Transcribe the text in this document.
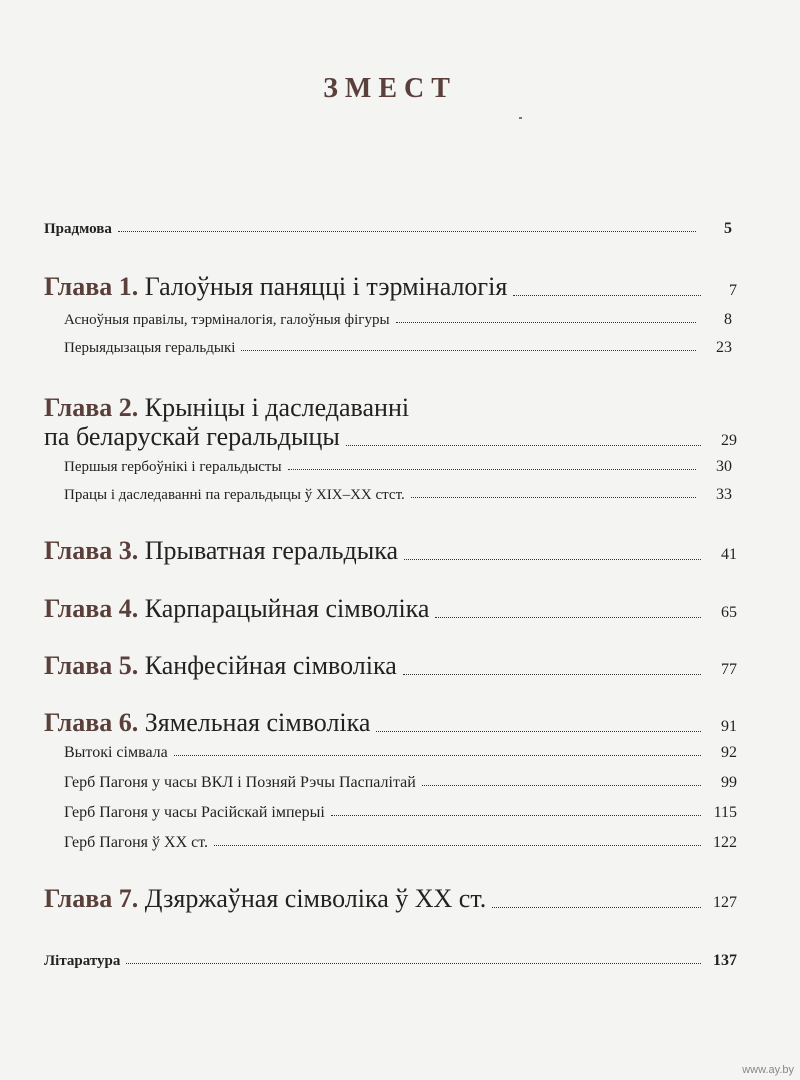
ЗМЕСТ
Прадмова	5
Глава 1. Галоўныя паняцці і тэрміналогія	7
Асноўныя правілы, тэрміналогія, галоўныя фігуры	8
Перыядызацыя геральдыкі	23
Глава 2. Крыніцы і даследаванні
па беларускай геральдыцы	29
Першыя гербоўнікі і геральдысты	30
Працы і даследаванні па геральдыцы ў XIX–XX стст.	33
Глава 3. Прыватная геральдыка	41
Глава 4. Карпарацыйная сімволіка	65
Глава 5. Канфесійная сімволіка	77
Глава 6. Зямельная сімволіка	91
Вытокі сімвала	92
Герб Пагоня у часы ВКЛ і Позняй Рэчы Паспалітай	99
Герб Пагоня у часы Расійскай імперыі	115
Герб Пагоня ў XX ст.	122
Глава 7. Дзяржаўная сімволіка ў XX ст.	127
Літаратура	137
www.ay.by
